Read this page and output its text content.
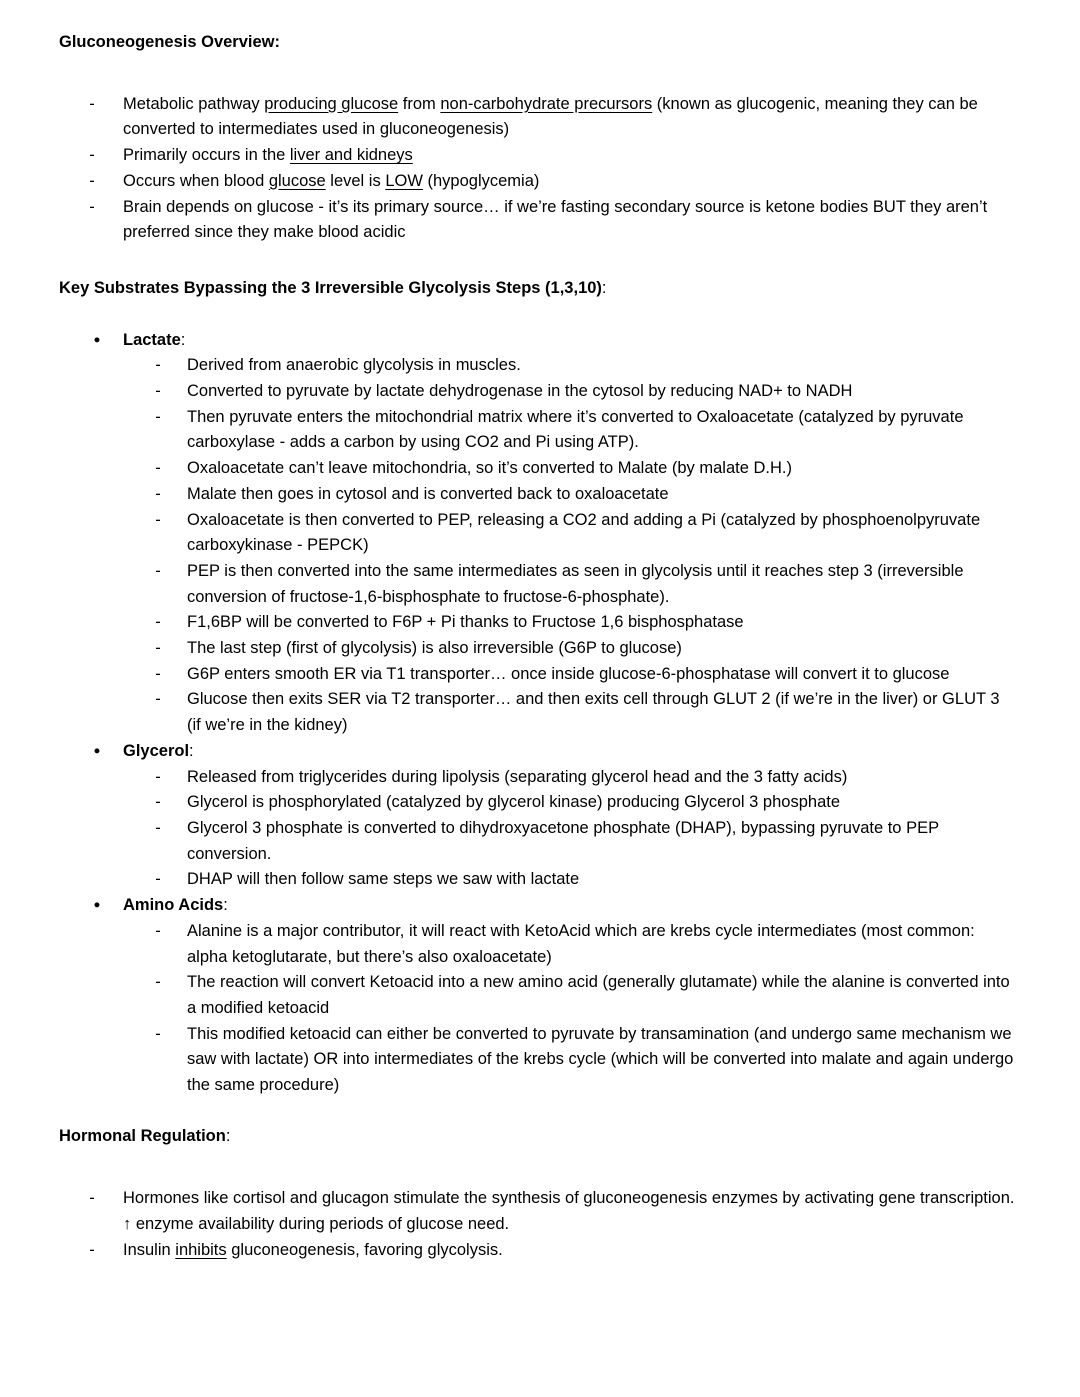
Gluconeogenesis Overview:
- Metabolic pathway producing glucose from non-carbohydrate precursors (known as glucogenic, meaning they can be converted to intermediates used in gluconeogenesis)
- Primarily occurs in the liver and kidneys
- Occurs when blood glucose level is LOW (hypoglycemia)
- Brain depends on glucose - it’s its primary source… if we’re fasting secondary source is ketone bodies BUT they aren’t preferred since they make blood acidic
Key Substrates Bypassing the 3 Irreversible Glycolysis Steps (1,3,10):
● Lactate:
- Derived from anaerobic glycolysis in muscles.
- Converted to pyruvate by lactate dehydrogenase in the cytosol by reducing NAD+ to NADH
- Then pyruvate enters the mitochondrial matrix where it’s converted to Oxaloacetate (catalyzed by pyruvate carboxylase - adds a carbon by using CO2 and Pi using ATP).
- Oxaloacetate can’t leave mitochondria, so it’s converted to Malate (by malate D.H.)
- Malate then goes in cytosol and is converted back to oxaloacetate
- Oxaloacetate is then converted to PEP, releasing a CO2 and adding a Pi (catalyzed by phosphoenolpyruvate carboxykinase - PEPCK)
- PEP is then converted into the same intermediates as seen in glycolysis until it reaches step 3 (irreversible conversion of fructose-1,6-bisphosphate to fructose-6-phosphate).
- F1,6BP will be converted to F6P + Pi thanks to Fructose 1,6 bisphosphatase
- The last step (first of glycolysis) is also irreversible (G6P to glucose)
- G6P enters smooth ER via T1 transporter… once inside glucose-6-phosphatase will convert it to glucose
- Glucose then exits SER via T2 transporter… and then exits cell through GLUT 2 (if we’re in the liver) or GLUT 3 (if we’re in the kidney)
● Glycerol:
- Released from triglycerides during lipolysis (separating glycerol head and the 3 fatty acids)
- Glycerol is phosphorylated (catalyzed by glycerol kinase) producing Glycerol 3 phosphate
- Glycerol 3 phosphate is converted to dihydroxyacetone phosphate (DHAP), bypassing pyruvate to PEP conversion.
- DHAP will then follow same steps we saw with lactate
● Amino Acids:
- Alanine is a major contributor, it will react with KetoAcid which are krebs cycle intermediates (most common: alpha ketoglutarate, but there’s also oxaloacetate)
- The reaction will convert Ketoacid into a new amino acid (generally glutamate) while the alanine is converted into a modified ketoacid
- This modified ketoacid can either be converted to pyruvate by transamination (and undergo same mechanism we saw with lactate) OR into intermediates of the krebs cycle (which will be converted into malate and again undergo the same procedure)
Hormonal Regulation:
- Hormones like cortisol and glucagon stimulate the synthesis of gluconeogenesis enzymes by activating gene transcription. ↑ enzyme availability during periods of glucose need.
- Insulin inhibits gluconeogenesis, favoring glycolysis.
